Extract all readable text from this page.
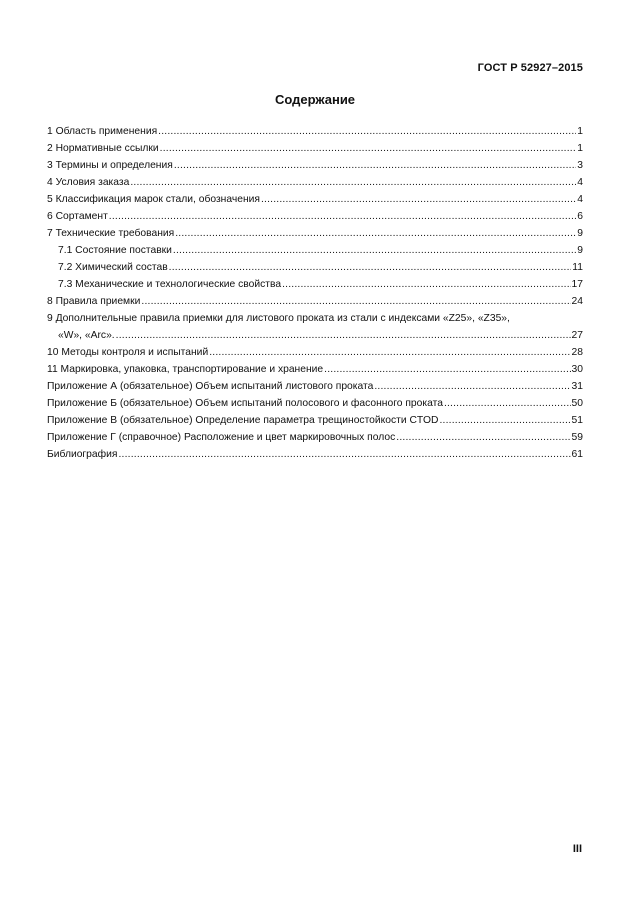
ГОСТ Р 52927–2015
Содержание
1 Область применения .....	1
2 Нормативные ссылки .....	1
3 Термины и определения .....	3
4 Условия заказа .....	4
5 Классификация марок стали, обозначения .....	4
6 Сортамент .....	6
7 Технические требования .....	9
7.1 Состояние поставки .....	9
7.2 Химический состав .....	11
7.3 Механические и технологические свойства .....	17
8 Правила приемки .....	24
9 Дополнительные правила приемки для листового проката из стали с индексами «Z25», «Z35»,
«W», «Arc». .....	27
10 Методы контроля и испытаний .....	28
11 Маркировка, упаковка, транспортирование и хранение .....	30
Приложение А (обязательное) Объем испытаний листового проката .....	31
Приложение Б (обязательное) Объем испытаний полосового и фасонного проката .....	50
Приложение В (обязательное) Определение параметра трещиностойкости CTOD .....	51
Приложение Г (справочное) Расположение и цвет маркировочных полос .....	59
Библиография .....	61
III
